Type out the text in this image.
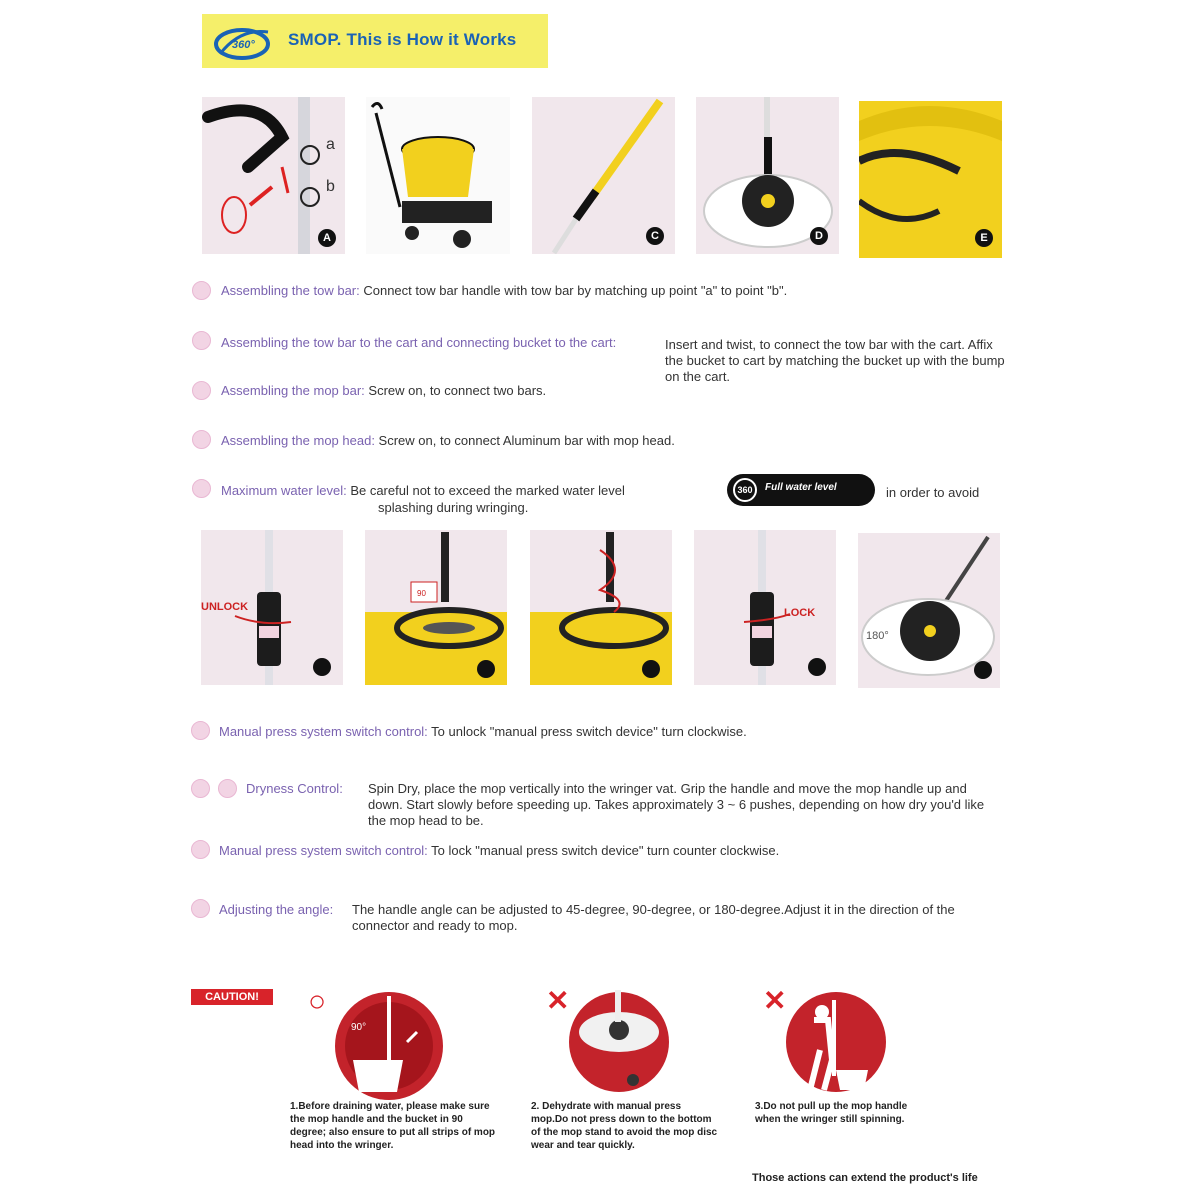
360° SMOP. This is How it Works
a
b
A	C	D	E
Assembling the tow bar: Connect tow bar handle with tow bar by matching up point "a" to point "b".
Assembling the tow bar to the cart and connecting bucket to the cart:	Insert and twist, to connect the tow bar with the cart. Affix the bucket to cart by matching the bucket up with the bump on the cart.
Assembling the mop bar: Screw on, to connect two bars.
Assembling the mop head: Screw on, to connect Aluminum bar with mop head.
Maximum water level: Be careful not to exceed the marked water level
splashing during wringing.
360	Full water level	in order to avoid
UNLOCK
90
LOCK
180°
Manual press system switch control: To unlock "manual press switch device" turn clockwise.
Dryness Control:	Spin Dry, place the mop vertically into the wringer vat. Grip the handle and move the mop handle up and down. Start slowly before speeding up. Takes approximately 3 ~ 6 pushes, depending on how dry you'd like the mop head to be.
Manual press system switch control: To lock "manual press switch device" turn counter clockwise.
Adjusting the angle:	The handle angle can be adjusted to 45-degree, 90-degree, or 180-degree.Adjust it in the direction of the connector and ready to mop.
CAUTION!	○
90°
1.Before draining water, please make sure the mop handle and the bucket in 90 degree; also ensure to put all strips of mop head into the wringer.
✕
2. Dehydrate with manual press mop.Do not press down to the bottom of the mop stand to avoid the mop disc wear and tear quickly.
✕
3.Do not pull up the mop handle when the wringer still spinning.
Those actions can extend the product's life
